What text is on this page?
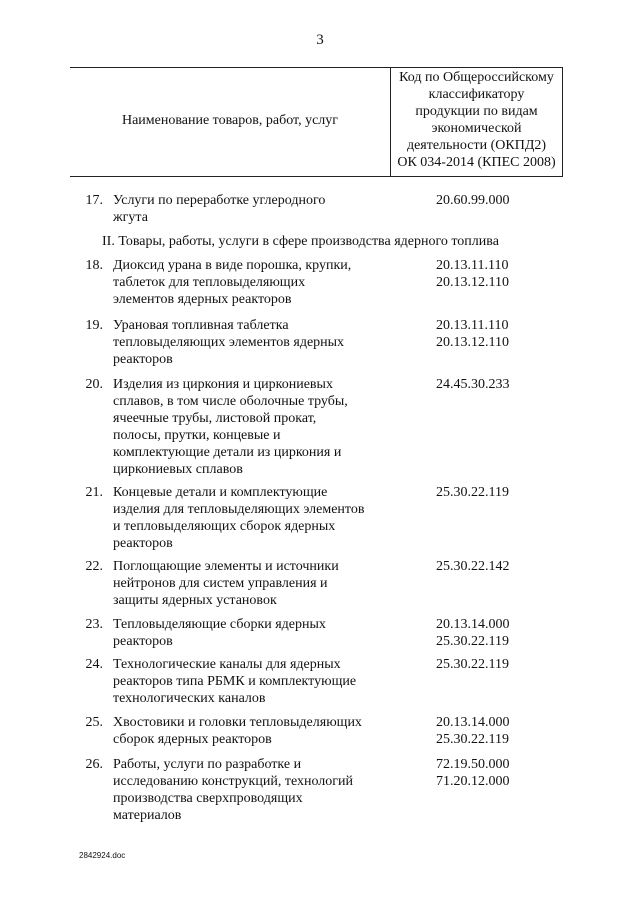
3
Наименование товаров, работ, услуг
Код по Общероссийскому
классификатору
продукции по видам
экономической
деятельности (ОКПД2)
ОК 034-2014 (КПЕС 2008)
II. Товары, работы, услуги в сфере производства ядерного топлива
17. Услуги по переработке углеродного
жгута
20.60.99.000
18. Диоксид урана в виде порошка, крупки,
таблеток для тепловыделяющих
элементов ядерных реакторов
20.13.11.110
20.13.12.110
19. Урановая топливная таблетка
тепловыделяющих элементов ядерных
реакторов
20.13.11.110
20.13.12.110
20. Изделия из циркония и циркониевых
сплавов, в том числе оболочные трубы,
ячеечные трубы, листовой прокат,
полосы, прутки, концевые и
комплектующие детали из циркония и
циркониевых сплавов
24.45.30.233
21. Концевые детали и комплектующие
изделия для тепловыделяющих элементов
и тепловыделяющих сборок ядерных
реакторов
25.30.22.119
22. Поглощающие элементы и источники
нейтронов для систем управления и
защиты ядерных установок
25.30.22.142
23. Тепловыделяющие сборки ядерных
реакторов
20.13.14.000
25.30.22.119
24. Технологические каналы для ядерных
реакторов типа РБМК и комплектующие
технологических каналов
25.30.22.119
25. Хвостовики и головки тепловыделяющих
сборок ядерных реакторов
20.13.14.000
25.30.22.119
26. Работы, услуги по разработке и
исследованию конструкций, технологий
производства сверхпроводящих
материалов
72.19.50.000
71.20.12.000
2842924.doc
